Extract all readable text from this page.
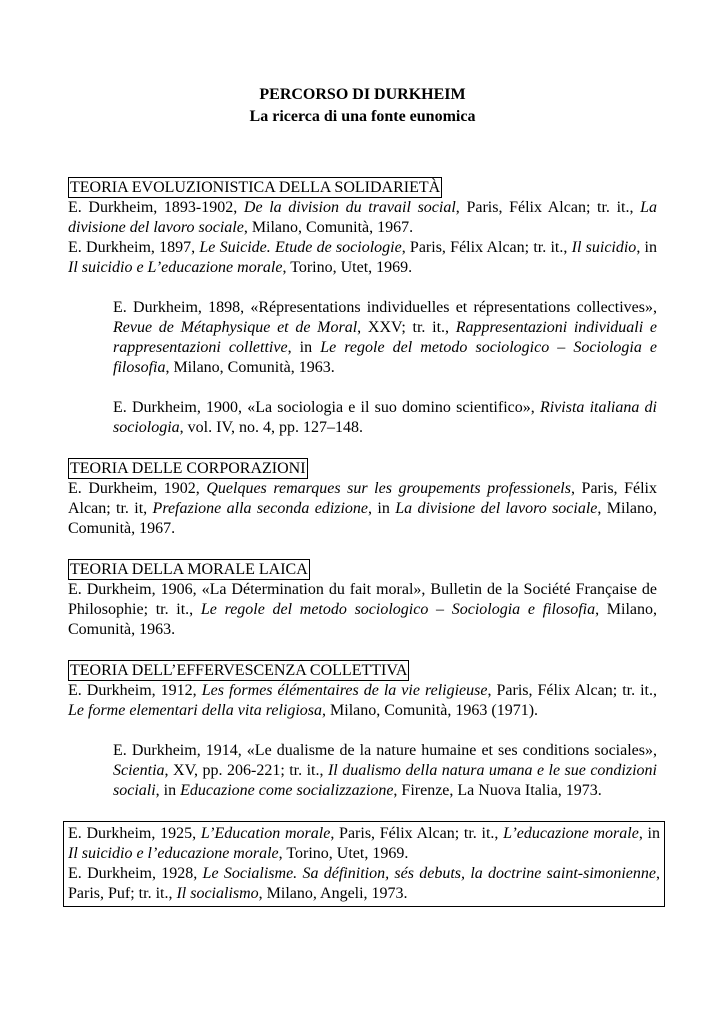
PERCORSO DI DURKHEIM
La ricerca di una fonte eunomica
TEORIA EVOLUZIONISTICA DELLA SOLIDARIETÀ
E. Durkheim, 1893-1902, De la division du travail social, Paris, Félix Alcan; tr. it., La divisione del lavoro sociale, Milano, Comunità, 1967.
E. Durkheim, 1897, Le Suicide. Etude de sociologie, Paris, Félix Alcan; tr. it., Il suicidio, in Il suicidio e L’educazione morale, Torino, Utet, 1969.
E. Durkheim, 1898, «Répresentations individuelles et répresentations collectives», Revue de Métaphysique et de Moral, XXV; tr. it., Rappresentazioni individuali e rappresentazioni collettive, in Le regole del metodo sociologico – Sociologia e filosofia, Milano, Comunità, 1963.
E. Durkheim, 1900, «La sociologia e il suo domino scientifico», Rivista italiana di sociologia, vol. IV, no. 4, pp. 127–148.
TEORIA DELLE CORPORAZIONI
E. Durkheim, 1902, Quelques remarques sur les groupements professionels, Paris, Félix Alcan; tr. it, Prefazione alla seconda edizione, in La divisione del lavoro sociale, Milano, Comunità, 1967.
TEORIA DELLA MORALE LAICA
E. Durkheim, 1906, «La Détermination du fait moral», Bulletin de la Société Française de Philosophie; tr. it., Le regole del metodo sociologico – Sociologia e filosofia, Milano, Comunità, 1963.
TEORIA DELL’EFFERVESCENZA COLLETTIVA
E. Durkheim, 1912, Les formes élémentaires de la vie religieuse, Paris, Félix Alcan; tr. it., Le forme elementari della vita religiosa, Milano, Comunità, 1963 (1971).
E. Durkheim, 1914, «Le dualisme de la nature humaine et ses conditions sociales», Scientia, XV, pp. 206-221; tr. it., Il dualismo della natura umana e le sue condizioni sociali, in Educazione come socializzazione, Firenze, La Nuova Italia, 1973.
E. Durkheim, 1925, L’Education morale, Paris, Félix Alcan; tr. it., L’educazione morale, in Il suicidio e l’educazione morale, Torino, Utet, 1969.
E. Durkheim, 1928, Le Socialisme. Sa définition, sés debuts, la doctrine saint-simonienne, Paris, Puf; tr. it., Il socialismo, Milano, Angeli, 1973.
